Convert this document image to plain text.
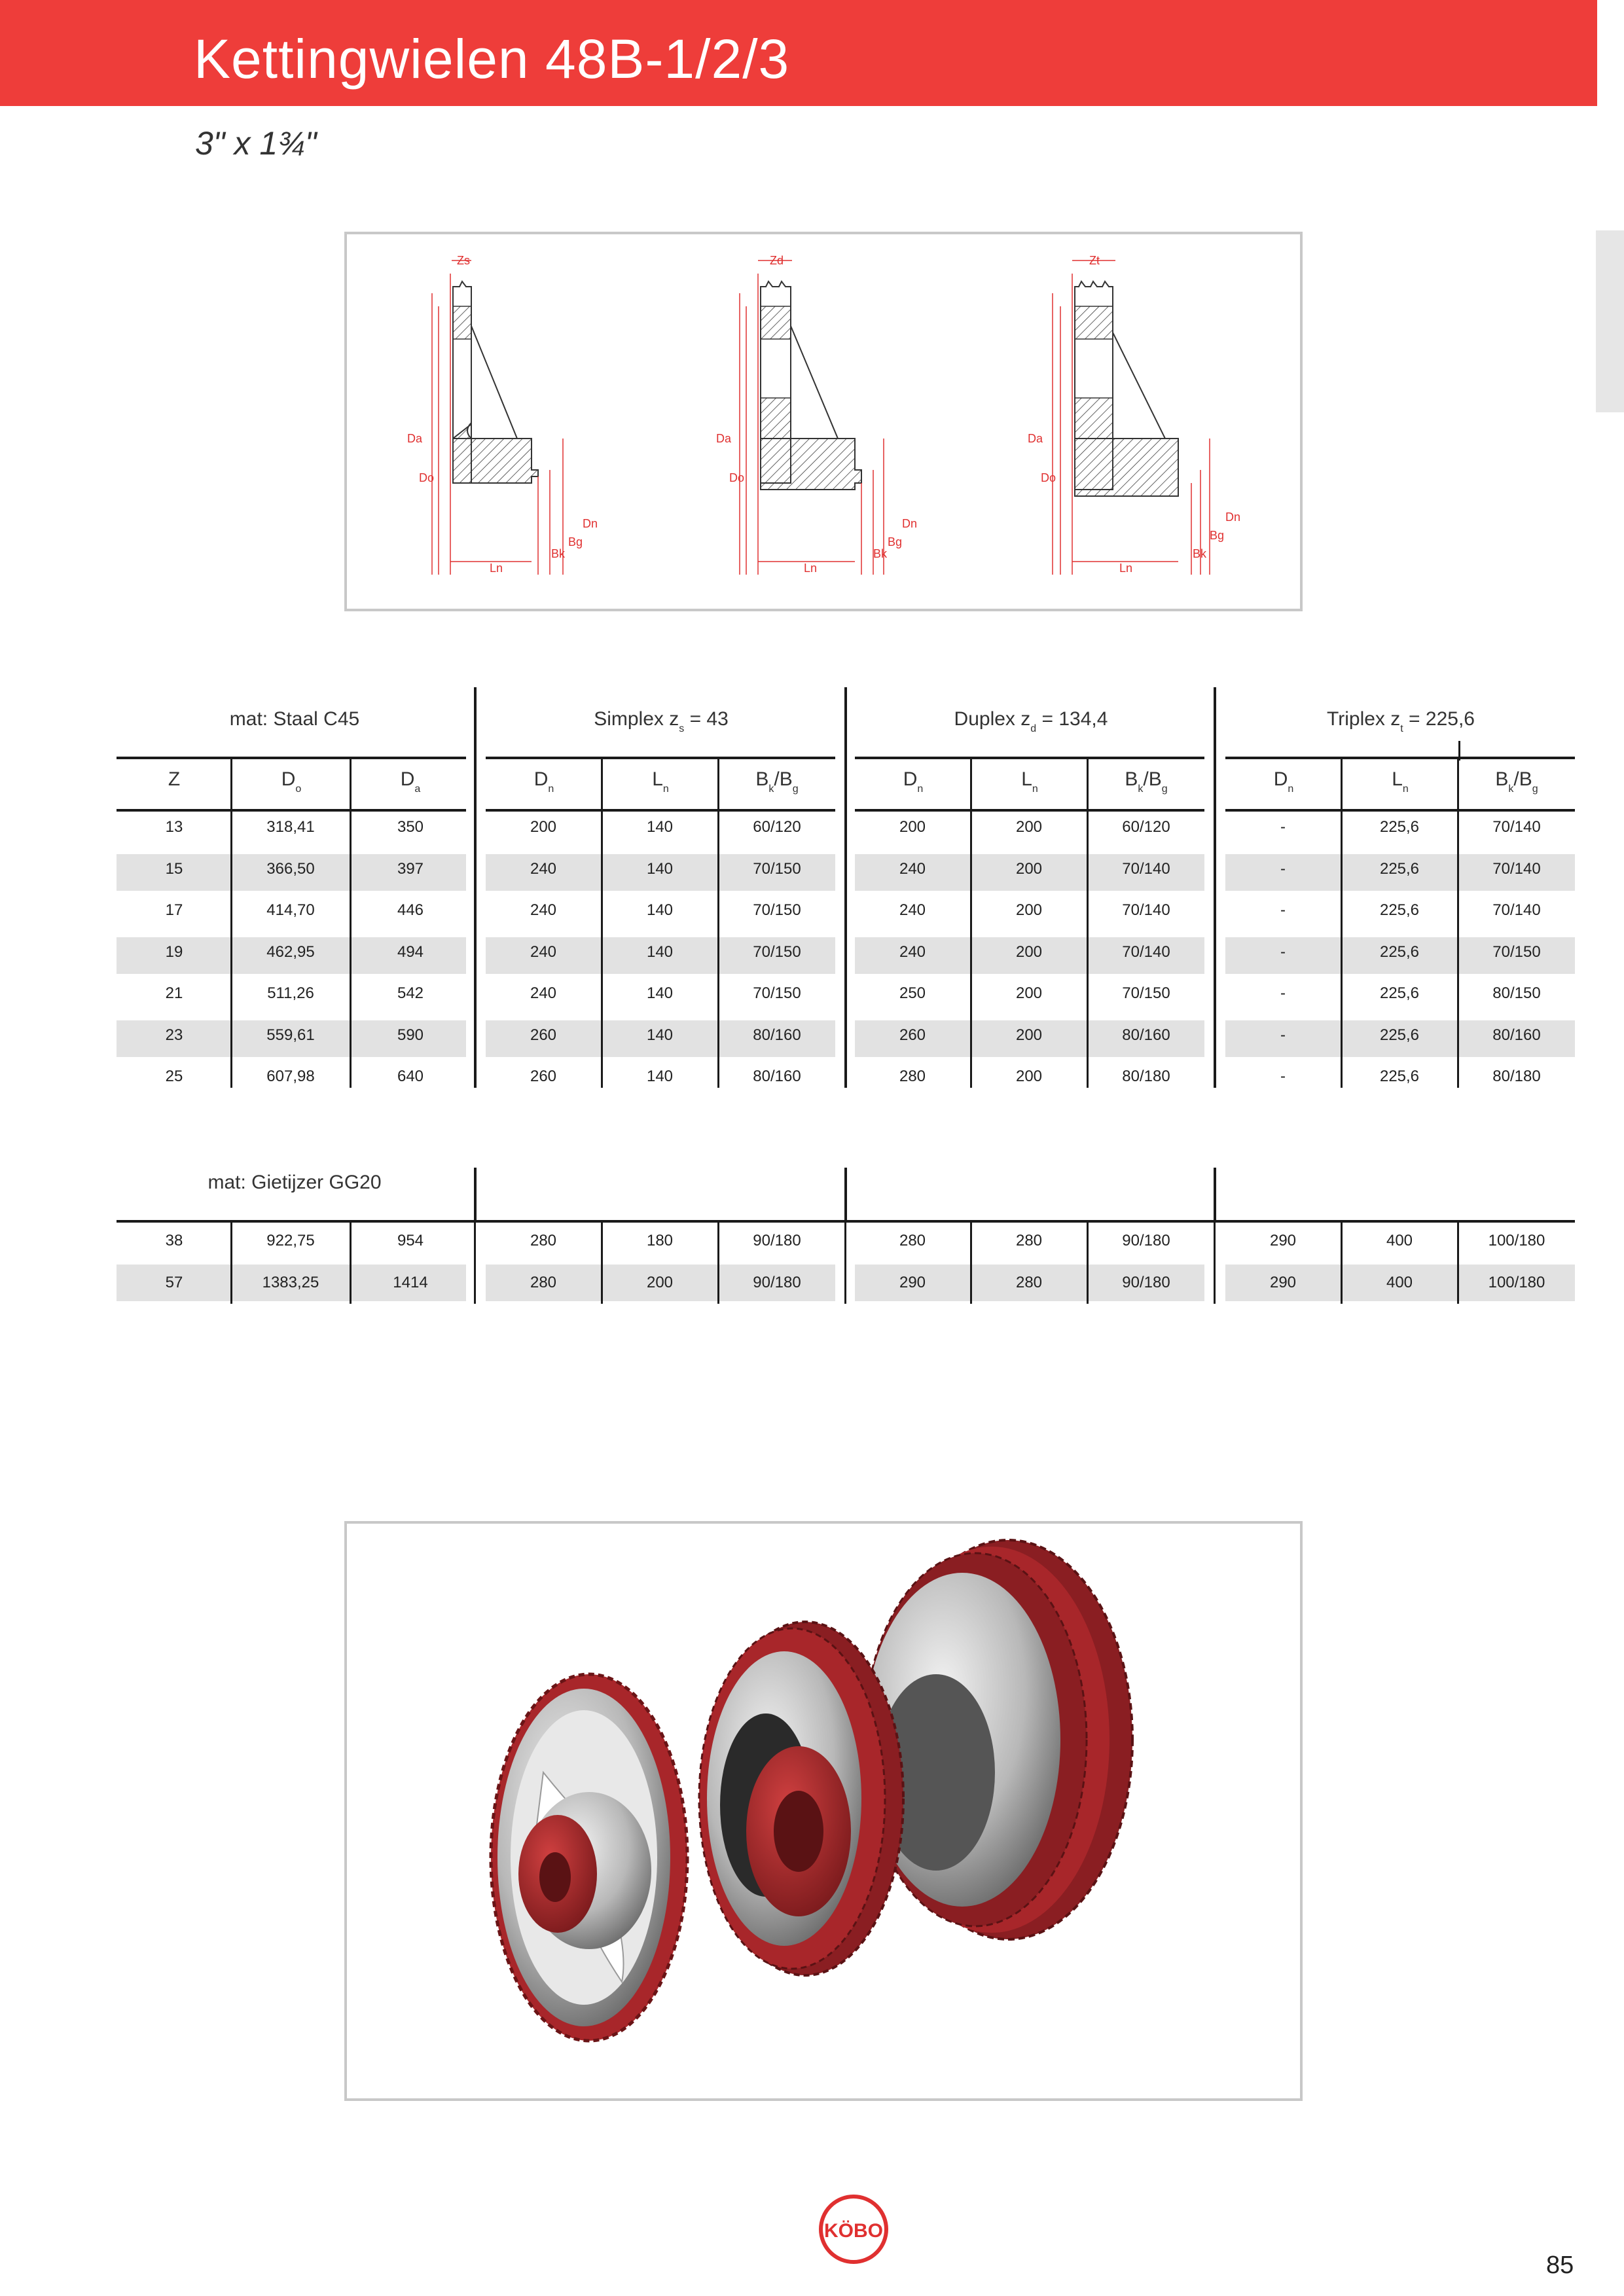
Kettingwielen 48B-1/2/3
3" x 1¾"
Zs
Da
Do
Dn
Bg
Bk
Ln
Zd
Da
Do
Dn
Bg
Bk
Ln
Zt
Da
Do
Dn
Bg
Bk
Ln
mat: Staal C45	Simplex $z_s = 43$	Duplex $z_d = 134,4$	Triplex $z_t = 225,6$
Z	$D_o$	$D_a$	$D_n$	$L_n$	$B_k/B_g$	$D_n$	$L_n$	$B_k/B_g$	$D_n$	$L_n$	$B_k/B_g$
13	318,41	350	200	140	60/120	200	200	60/120	-	225,6	70/140
15	366,50	397	240	140	70/150	240	200	70/140	-	225,6	70/140
17	414,70	446	240	140	70/150	240	200	70/140	-	225,6	70/140
19	462,95	494	240	140	70/150	240	200	70/140	-	225,6	70/150
21	511,26	542	240	140	70/150	250	200	70/150	-	225,6	80/150
23	559,61	590	260	140	80/160	260	200	80/160	-	225,6	80/160
25	607,98	640	260	140	80/160	280	200	80/180	-	225,6	80/180
mat: Gietijzer GG20
38	922,75	954	280	180	90/180	280	280	90/180	290	400	100/180
57	1383,25	1414	280	200	90/180	290	280	90/180	290	400	100/180
KÖBO
85
